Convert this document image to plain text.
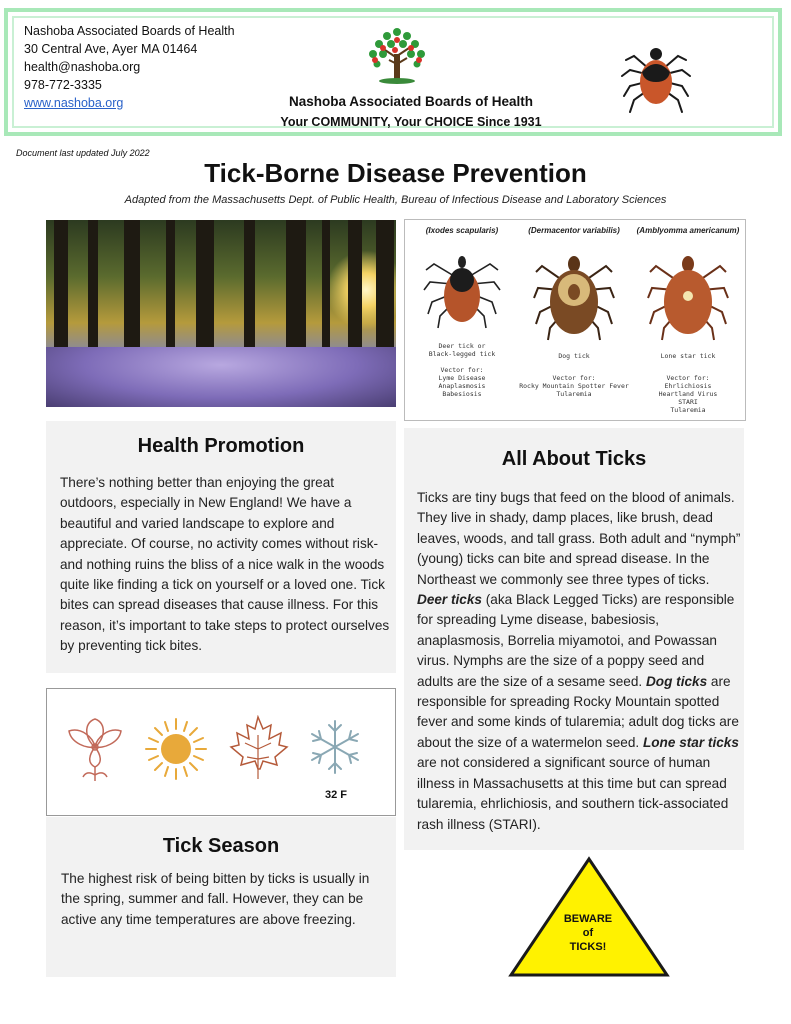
Nashoba Associated Boards of Health
30 Central Ave, Ayer MA 01464
health@nashoba.org
978-772-3335
www.nashoba.org	Nashoba Associated Boards of Health
Your COMMUNITY, Your CHOICE Since 1931
Document last updated July 2022
Tick-Borne Disease Prevention
Adapted from the Massachusetts Dept. of Public Health, Bureau of Infectious Disease and Laboratory Sciences
(Ixodes scapularis)
Deer tick or
Black-legged tick
Vector for:
Lyme Disease
Anaplasmosis
Babesiosis
(Dermacentor variabilis)
Dog tick
Vector for:
Rocky Mountain Spotter Fever
Tularemia
(Amblyomma americanum)
Lone star tick
Vector for:
Ehrlichiosis
Heartland Virus
STARI
Tularemia
Health Promotion

There’s nothing better than enjoying the great outdoors, especially in New England! We have a beautiful and varied landscape to explore and appreciate. Of course, no activity comes without risk- and nothing ruins the bliss of a nice walk in the woods quite like finding a tick on yourself or a loved one. Tick bites can spread diseases that cause illness. For this reason, it’s important to take steps to protect ourselves by preventing tick bites.

All About Ticks

Ticks are tiny bugs that feed on the blood of animals. They live in shady, damp places, like brush, dead leaves, woods, and tall grass. Both adult and “nymph” (young) ticks can bite and spread disease. In the Northeast we commonly see three types of ticks. Deer ticks (aka Black Legged Ticks) are responsible for spreading Lyme disease, babesiosis, anaplasmosis, Borrelia miyamotoi, and Powassan virus. Nymphs are the size of a poppy seed and adults are the size of a sesame seed. Dog ticks are responsible for spreading Rocky Mountain spotted fever and some kinds of tularemia; adult dog ticks are about the size of a watermelon seed. Lone star ticks are not considered a significant source of human illness in Massachusetts at this time but can spread tularemia, ehrlichiosis, and southern tick-associated rash illness (STARI).

32 F
Tick Season

The highest risk of being bitten by ticks is usually in the spring, summer and fall. However, they can be active any time temperatures are above freezing.	BEWARE
of
TICKS!
